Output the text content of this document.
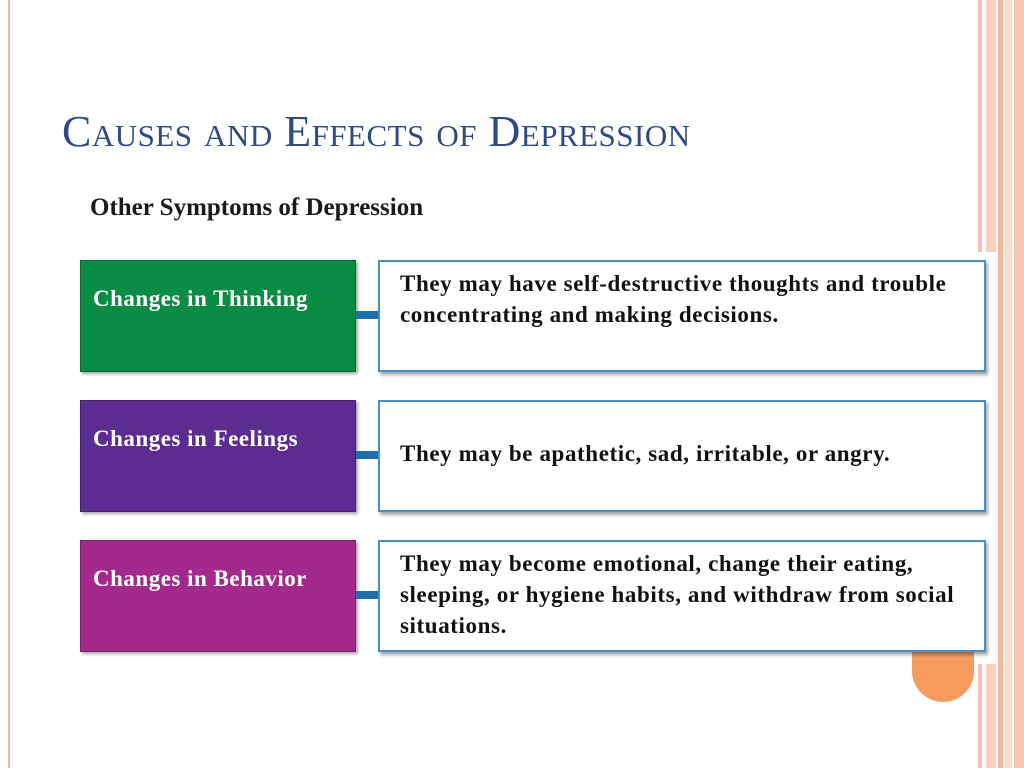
Causes and Effects of Depression
Other Symptoms of Depression
Changes in Thinking
They may have self-destructive thoughts and trouble concentrating and making decisions.
Changes in Feelings
They may be apathetic, sad, irritable, or angry.
Changes in Behavior
They may become emotional, change their eating, sleeping, or hygiene habits, and withdraw from social situations.
